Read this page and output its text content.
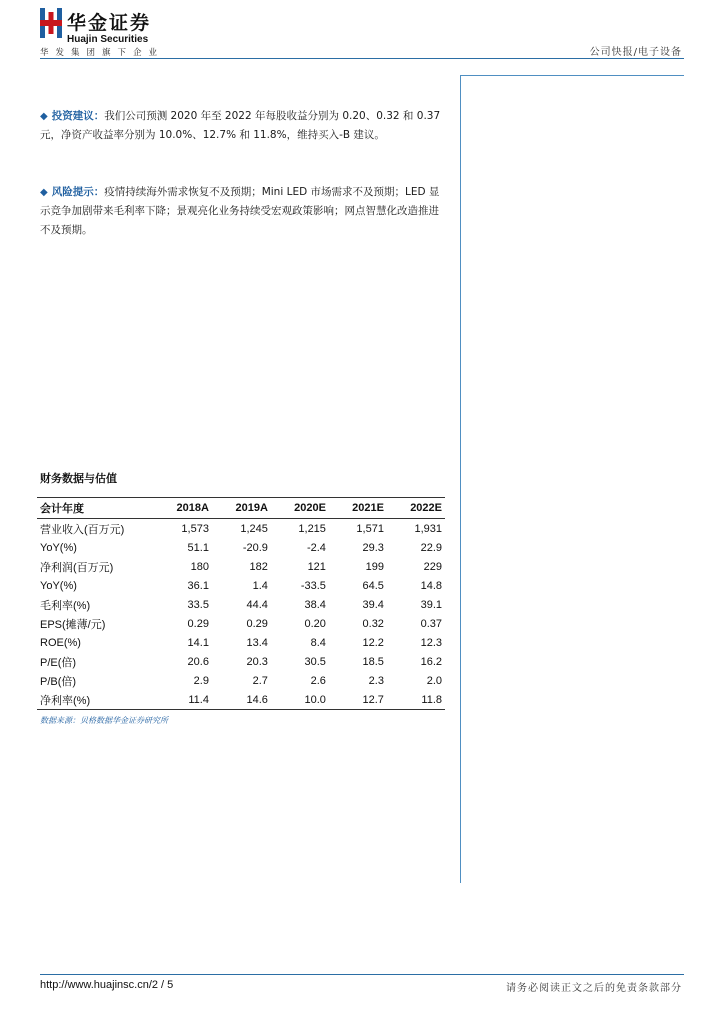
华金证券
Huajin Securities
华发集团旗下企业	公司快报/电子设备
◆ 投资建议：我们公司预测 2020 年至 2022 年每股收益分别为 0.20、0.32 和 0.37 元，净资产收益率分别为 10.0%、12.7% 和 11.8%，维持买入-B 建议。
◆ 风险提示：疫情持续海外需求恢复不及预期；Mini LED 市场需求不及预期；LED 显示竞争加剧带来毛利率下降；景观亮化业务持续受宏观政策影响；网点智慧化改造推进不及预期。
财务数据与估值
会计年度	2018A	2019A	2020E	2021E	2022E
营业收入(百万元)	1,573	1,245	1,215	1,571	1,931
YoY(%)	51.1	-20.9	-2.4	29.3	22.9
净利润(百万元)	180	182	121	199	229
YoY(%)	36.1	1.4	-33.5	64.5	14.8
毛利率(%)	33.5	44.4	38.4	39.4	39.1
EPS(摊薄/元)	0.29	0.29	0.20	0.32	0.37
ROE(%)	14.1	13.4	8.4	12.2	12.3
P/E(倍)	20.6	20.3	30.5	18.5	16.2
P/B(倍)	2.9	2.7	2.6	2.3	2.0
净利率(%)	11.4	14.6	10.0	12.7	11.8
数据来源：贝格数据华金证券研究所
http://www.huajinsc.cn/2 / 5	请务必阅读正文之后的免责条款部分
